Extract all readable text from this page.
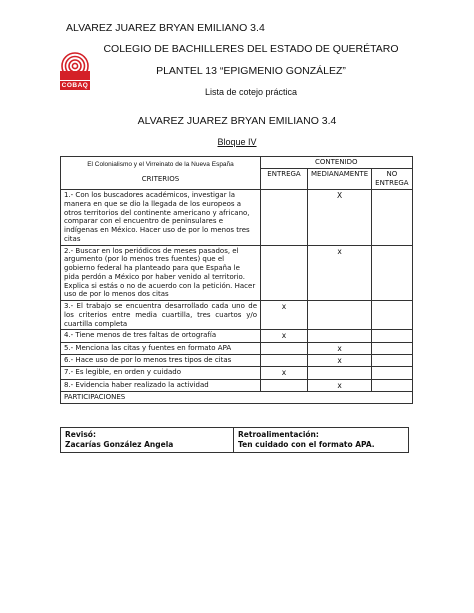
ALVAREZ JUAREZ BRYAN EMILIANO 3.4
COBAQ
COLEGIO DE BACHILLERES DEL ESTADO DE QUERÉTARO
PLANTEL 13 “EPIGMENIO GONZÁLEZ”
Lista de cotejo práctica
ALVAREZ JUAREZ BRYAN EMILIANO 3.4
Bloque IV
El Colonialismo y el Virreinato de la Nueva España
CRITERIOS	CONTENIDO		
	ENTREGA	MEDIANAMENTE	NO ENTREGA
1.- Con los buscadores académicos, investigar la manera en que se dio la llegada de los europeos a otros territorios del continente americano y africano, comparar con el encuentro de peninsulares e indígenas en México. Hacer uso de por lo menos tres citas		X	
2.- Buscar en los periódicos de meses pasados, el argumento (por lo menos tres fuentes) que el gobierno federal ha planteado para que España le pida perdón a México por haber venido al territorio. Explica si estás o no de acuerdo con la petición. Hacer uso de por lo menos dos citas		x	
3.- El trabajo se encuentra desarrollado cada uno de los criterios entre media cuartilla, tres cuartos y/o cuartilla completa	x		
4.- Tiene menos de tres faltas de ortografía	x		
5.- Menciona las citas y fuentes en formato APA		x	
6.- Hace uso de por lo menos tres tipos de citas		x	
7.- Es legible, en orden y cuidado	x		
8.- Evidencia haber realizado la actividad		x	
PARTICIPACIONES			
Revisó:
Zacarías González Angela

Retroalimentación:
Ten cuidado con el formato APA.
